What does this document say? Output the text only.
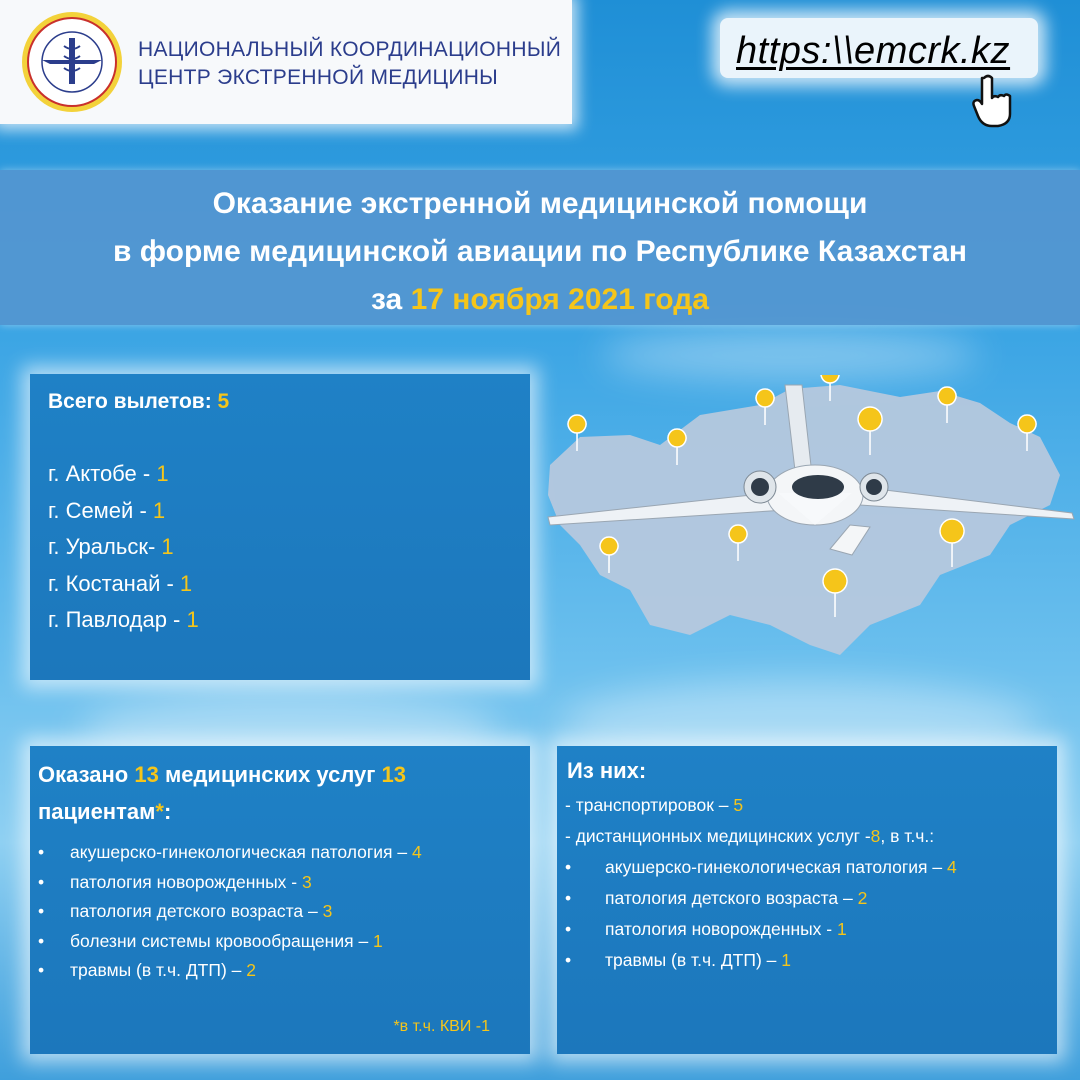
НАЦИОНАЛЬНЫЙ КООРДИНАЦИОННЫЙ
ЦЕНТР ЭКСТРЕННОЙ МЕДИЦИНЫ
https:\\emcrk.kz
Оказание экстренной медицинской помощи
в форме медицинской авиации по Республике Казахстан
за 17 ноября 2021 года
Всего вылетов: 5
г. Актобе - 1
г. Семей - 1
г. Уральск- 1
г. Костанай - 1
г. Павлодар - 1
Оказано 13 медицинских услуг 13
пациентам*:
• акушерско-гинекологическая патология – 4
• патология новорожденных - 3
• патология детского возраста – 3
• болезни системы кровообращения – 1
• травмы (в т.ч. ДТП) – 2
*в т.ч. КВИ -1
Из них:
- транспортировок – 5
- дистанционных медицинских услуг -8, в т.ч.:
• акушерско-гинекологическая патология – 4
• патология детского возраста – 2
• патология новорожденных - 1
• травмы (в т.ч. ДТП) – 1
